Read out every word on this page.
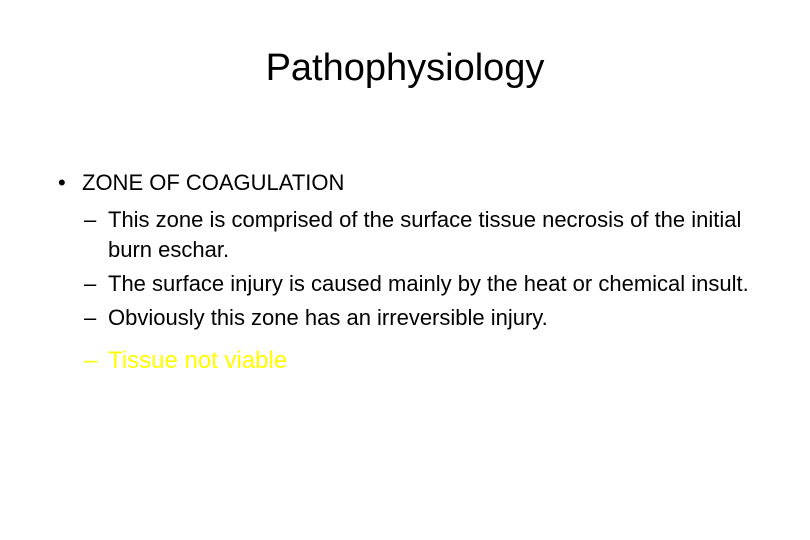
Pathophysiology
• ZONE OF COAGULATION
– This zone is comprised of the surface tissue necrosis of the initial burn eschar.
– The surface injury is caused mainly by the heat or chemical insult.
– Obviously this zone has an irreversible injury.
– Tissue not viable
